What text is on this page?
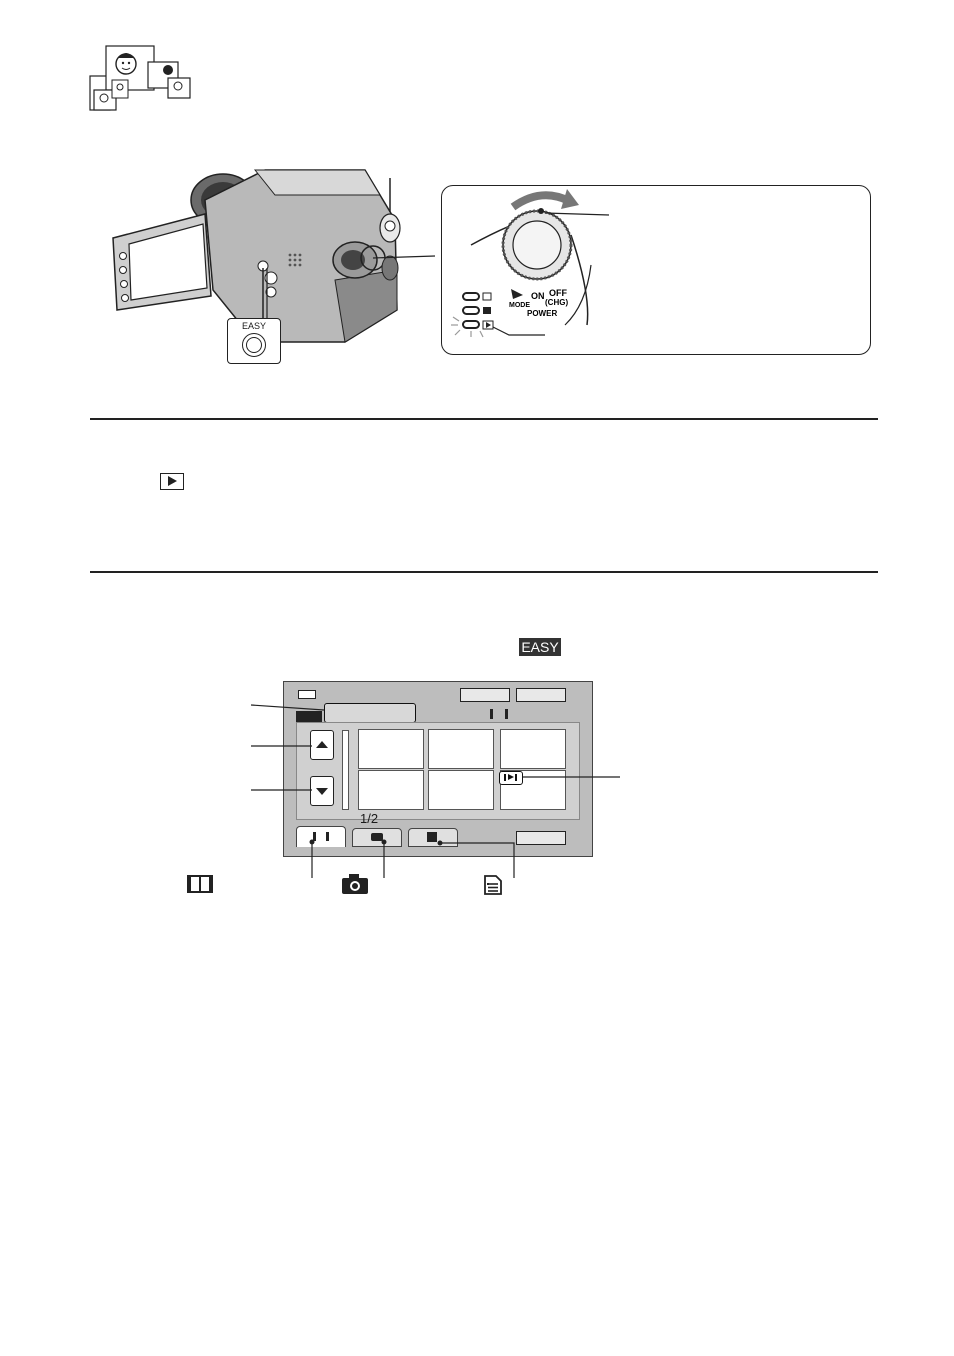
EASY
ON OFF
(CHG)
MODE
POWER
EASY
1/2
